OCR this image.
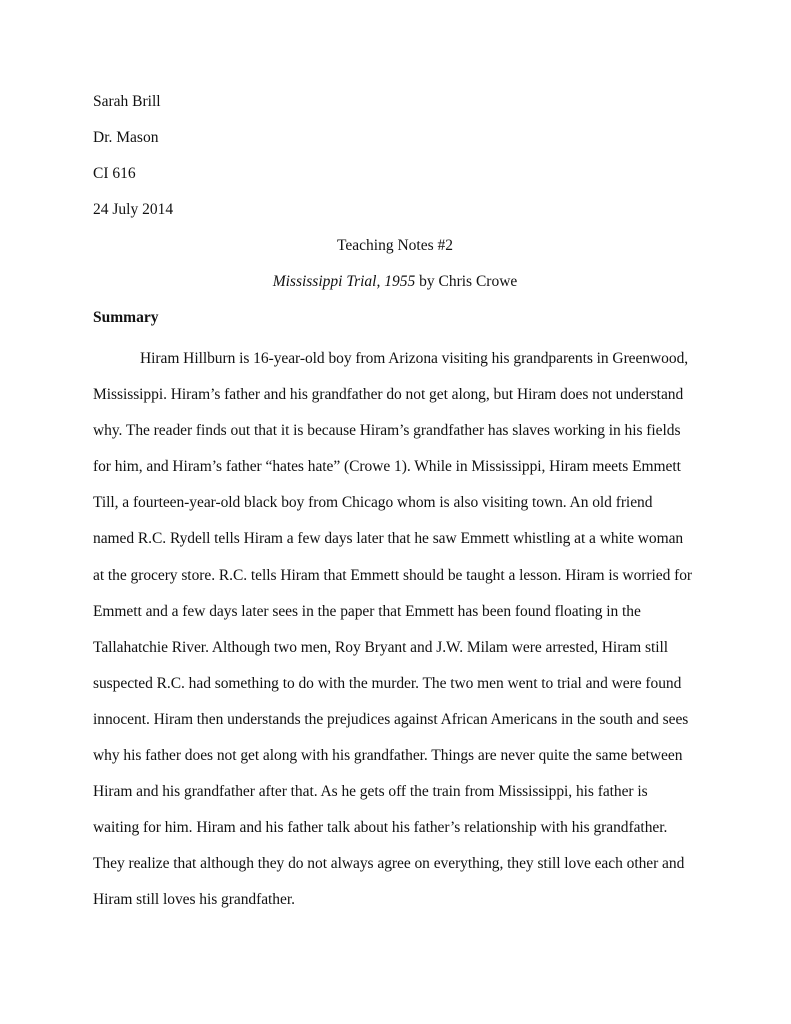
Sarah Brill
Dr. Mason
CI 616
24 July 2014
Teaching Notes #2
Mississippi Trial, 1955 by Chris Crowe
Summary
Hiram Hillburn is 16-year-old boy from Arizona visiting his grandparents in Greenwood,
Mississippi. Hiram’s father and his grandfather do not get along, but Hiram does not understand
why. The reader finds out that it is because Hiram’s grandfather has slaves working in his fields
for him, and Hiram’s father “hates hate” (Crowe 1). While in Mississippi, Hiram meets Emmett
Till, a fourteen-year-old black boy from Chicago whom is also visiting town. An old friend
named R.C. Rydell tells Hiram a few days later that he saw Emmett whistling at a white woman
at the grocery store. R.C. tells Hiram that Emmett should be taught a lesson. Hiram is worried for
Emmett and a few days later sees in the paper that Emmett has been found floating in the
Tallahatchie River. Although two men, Roy Bryant and J.W. Milam were arrested, Hiram still
suspected R.C. had something to do with the murder. The two men went to trial and were found
innocent. Hiram then understands the prejudices against African Americans in the south and sees
why his father does not get along with his grandfather. Things are never quite the same between
Hiram and his grandfather after that. As he gets off the train from Mississippi, his father is
waiting for him. Hiram and his father talk about his father’s relationship with his grandfather.
They realize that although they do not always agree on everything, they still love each other and
Hiram still loves his grandfather.
